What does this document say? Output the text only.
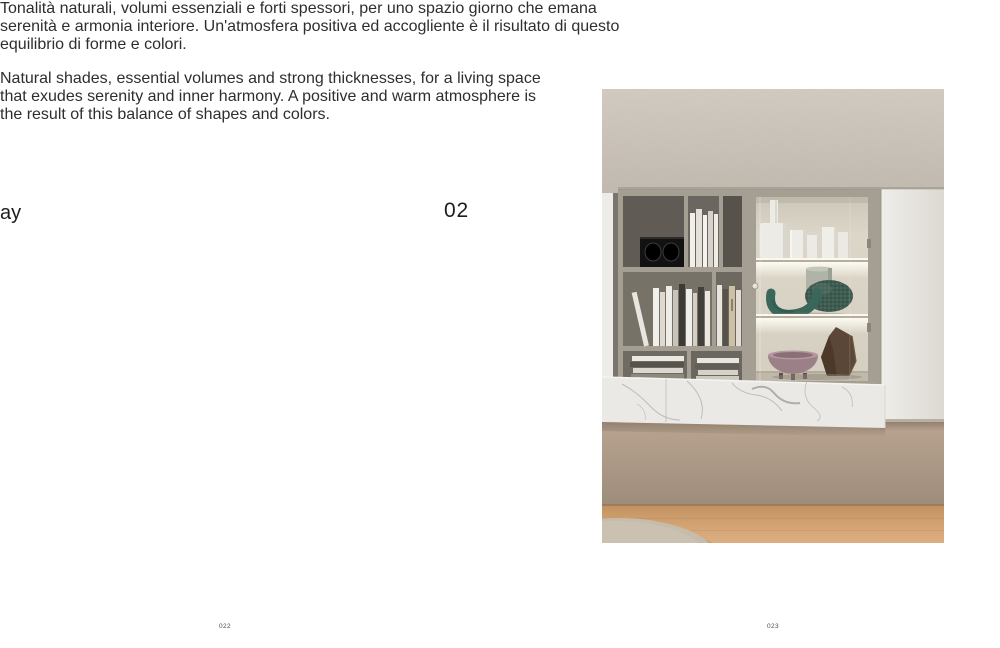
Tonalità naturali, volumi essenziali e forti spessori, per uno spazio giorno che emana
serenità e armonia interiore. Un'atmosfera positiva ed accogliente è il risultato di questo
equilibrio di forme e colori.

Natural shades, essential volumes and strong thicknesses, for a living space
that exudes serenity and inner harmony. A positive and warm atmosphere is
the result of this balance of shapes and colors.

ay	02
022	023
